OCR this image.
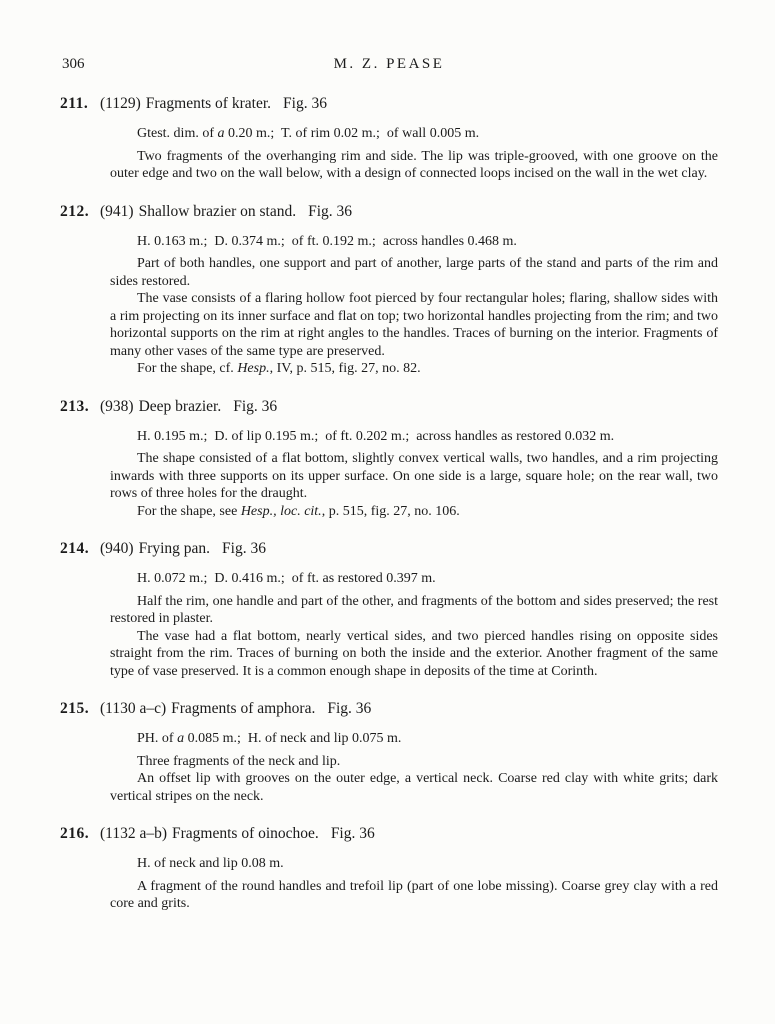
306	M. Z. PEASE
211. (1129) Fragments of krater. Fig. 36
Gtest. dim. of a 0.20 m.;  T. of rim 0.02 m.;  of wall 0.005 m.
Two fragments of the overhanging rim and side. The lip was triple-grooved, with one groove on the outer edge and two on the wall below, with a design of connected loops incised on the wall in the wet clay.
212. (941) Shallow brazier on stand. Fig. 36
H. 0.163 m.;  D. 0.374 m.;  of ft. 0.192 m.;  across handles 0.468 m.
Part of both handles, one support and part of another, large parts of the stand and parts of the rim and sides restored.
The vase consists of a flaring hollow foot pierced by four rectangular holes; flaring, shallow sides with a rim projecting on its inner surface and flat on top; two horizontal handles projecting from the rim; and two horizontal supports on the rim at right angles to the handles. Traces of burning on the interior. Fragments of many other vases of the same type are preserved.
For the shape, cf. Hesp., IV, p. 515, fig. 27, no. 82.
213. (938) Deep brazier. Fig. 36
H. 0.195 m.;  D. of lip 0.195 m.;  of ft. 0.202 m.;  across handles as restored 0.032 m.
The shape consisted of a flat bottom, slightly convex vertical walls, two handles, and a rim projecting inwards with three supports on its upper surface. On one side is a large, square hole; on the rear wall, two rows of three holes for the draught.
For the shape, see Hesp., loc. cit., p. 515, fig. 27, no. 106.
214. (940) Frying pan. Fig. 36
H. 0.072 m.;  D. 0.416 m.;  of ft. as restored 0.397 m.
Half the rim, one handle and part of the other, and fragments of the bottom and sides preserved; the rest restored in plaster.
The vase had a flat bottom, nearly vertical sides, and two pierced handles rising on opposite sides straight from the rim. Traces of burning on both the inside and the exterior. Another fragment of the same type of vase preserved. It is a common enough shape in deposits of the time at Corinth.
215. (1130 a–c) Fragments of amphora. Fig. 36
PH. of a 0.085 m.;  H. of neck and lip 0.075 m.
Three fragments of the neck and lip.
An offset lip with grooves on the outer edge, a vertical neck. Coarse red clay with white grits; dark vertical stripes on the neck.
216. (1132 a–b) Fragments of oinochoe. Fig. 36
H. of neck and lip 0.08 m.
A fragment of the round handles and trefoil lip (part of one lobe missing). Coarse grey clay with a red core and grits.
